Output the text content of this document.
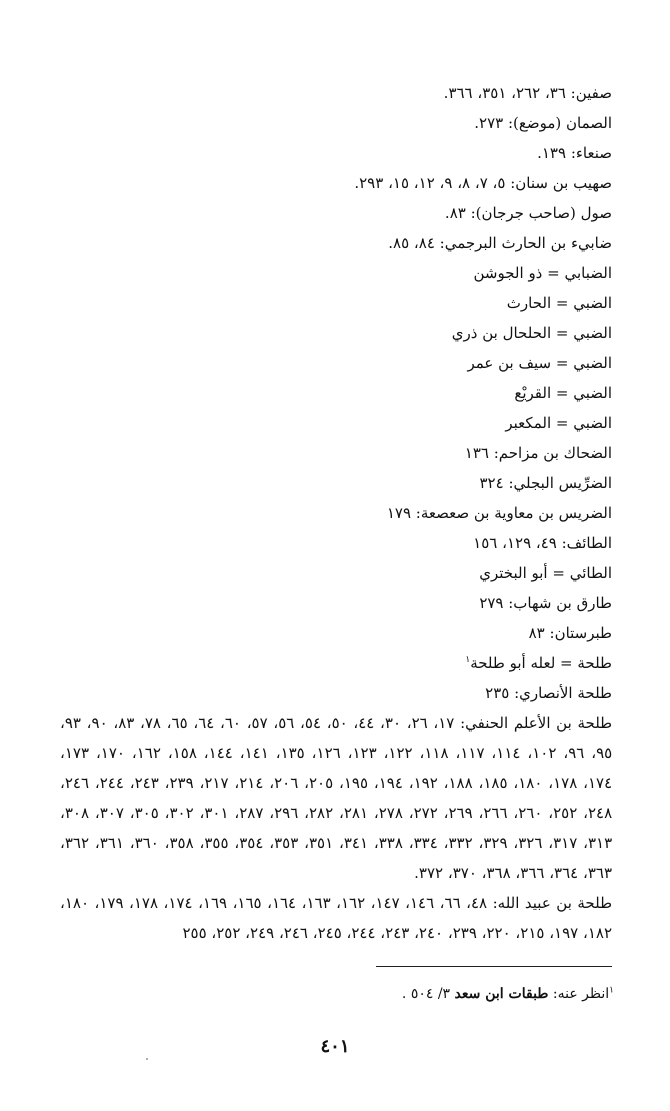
صفين: ٣٦، ٢٦٢، ٣٥١، ٣٦٦.
الصمان (موضع): ٢٧٣.
صنعاء: ١٣٩.
صهيب بن سنان: ٥، ٧، ٨، ٩، ١٢، ١٥، ٢٩٣.
صول (صاحب جرجان): ٨٣.
ضابيء بن الحارث البرجمي: ٨٤، ٨٥.
الضبابي = ذو الجوشن
الضبي = الحارث
الضبي = الحلحال بن ذري
الضبي = سيف بن عمر
الضبي = القريْع
الضبي = المكعبر
الضحاك بن مزاحم: ١٣٦
الضرِّيس البجلي: ٣٢٤
الضريس بن معاوية بن صعصعة: ١٧٩
الطائف: ٤٩، ١٢٩، ١٥٦
الطائي = أبو البختري
طارق بن شهاب: ٢٧٩
طبرستان: ٨٣
طلحة = لعله أبو طلحة$^١$
طلحة الأنصاري: ٢٣٥
طلحة بن الأعلم الحنفي: ١٧، ٢٦، ٣٠، ٤٤، ٥٠، ٥٤، ٥٦، ٥٧، ٦٠، ٦٤، ٦٥، ٧٨، ٨٣، ٩٠، ٩٣، ٩٥، ٩٦، ١٠٢، ١١٤، ١١٧، ١١٨، ١٢٢، ١٢٣، ١٢٦، ١٣٥، ١٤١، ١٤٤، ١٥٨، ١٦٢، ١٧٠، ١٧٣، ١٧٤، ١٧٨، ١٨٠، ١٨٥، ١٨٨، ١٩٢، ١٩٤، ١٩٥، ٢٠٥، ٢٠٦، ٢١٤، ٢١٧، ٢٣٩، ٢٤٣، ٢٤٤، ٢٤٦، ٢٤٨، ٢٥٢، ٢٦٠، ٢٦٦، ٢٦٩، ٢٧٢، ٢٧٨، ٢٨١، ٢٨٢، ٢٩٦، ٢٨٧، ٣٠١، ٣٠٢، ٣٠٥، ٣٠٧، ٣٠٨، ٣١٣، ٣١٧، ٣٢٦، ٣٢٩، ٣٣٢، ٣٣٤، ٣٣٨، ٣٤١، ٣٥١، ٣٥٣، ٣٥٤، ٣٥٥، ٣٥٨، ٣٦٠، ٣٦١، ٣٦٢، ٣٦٣، ٣٦٤، ٣٦٦، ٣٦٨، ٣٧٠، ٣٧٢.
طلحة بن عبيد الله: ٤٨، ٦٦، ١٤٦، ١٤٧، ١٦٢، ١٦٣، ١٦٤، ١٦٥، ١٦٩، ١٧٤، ١٧٨، ١٧٩، ١٨٠، ١٨٢، ١٩٧، ٢١٥، ٢٢٠، ٢٣٩، ٢٤٠، ٢٤٣، ٢٤٤، ٢٤٥، ٢٤٦، ٢٤٩، ٢٥٢، ٢٥٥
$^١$انظر عنه: طبقات ابن سعد ٣/ ٥٠٤ .
٤٠١
